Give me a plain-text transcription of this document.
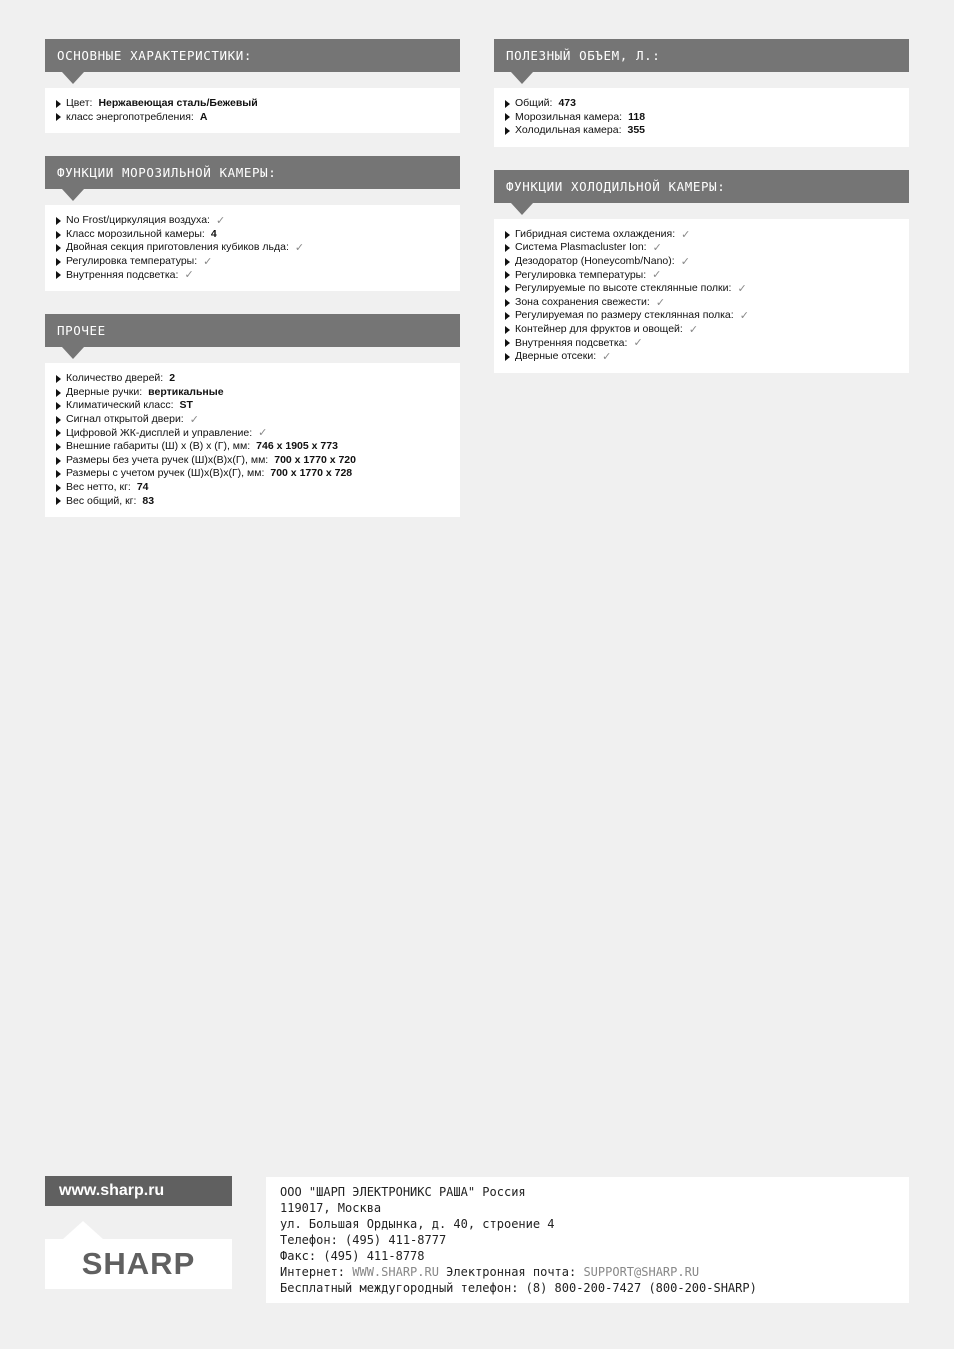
ОСНОВНЫЕ ХАРАКТЕРИСТИКИ:
Цвет: Нержавеющая сталь/Бежевый
класс энергопотребления: A
ФУНКЦИИ МОРОЗИЛЬНОЙ КАМЕРЫ:
No Frost/циркуляция воздуха: ✓
Класс морозильной камеры: 4
Двойная секция приготовления кубиков льда: ✓
Регулировка температуры: ✓
Внутренняя подсветка: ✓
ПРОЧЕЕ
Количество дверей: 2
Дверные ручки: вертикальные
Климатический класс: ST
Сигнал открытой двери: ✓
Цифровой ЖК-дисплей и управление: ✓
Внешние габариты (Ш) х (В) х (Г), мм: 746 x 1905 x 773
Размеры без учета ручек (Ш)х(В)х(Г), мм: 700 x 1770 x 720
Размеры с учетом ручек (Ш)х(В)х(Г), мм: 700 x 1770 x 728
Вес нетто, кг: 74
Вес общий, кг: 83
ПОЛЕЗНЫЙ ОБЪЕМ, Л.:
Общий: 473
Морозильная камера: 118
Холодильная камера: 355
ФУНКЦИИ ХОЛОДИЛЬНОЙ КАМЕРЫ:
Гибридная система охлаждения: ✓
Система Plasmacluster Ion: ✓
Дезодоратор (Honeycomb/Nano): ✓
Регулировка температуры: ✓
Регулируемые по высоте стеклянные полки: ✓
Зона сохранения свежести: ✓
Регулируемая по размеру стеклянная полка: ✓
Контейнер для фруктов и овощей: ✓
Внутренняя подсветка: ✓
Дверные отсеки: ✓
www.sharp.ru
SHARP
ООО "ШАРП ЭЛЕКТРОНИКС РАША" Россия
119017, Москва
ул. Большая Ордынка, д. 40, строение 4
Телефон: (495) 411-8777
Факс: (495) 411-8778
Интернет: WWW.SHARP.RU Электронная почта: SUPPORT@SHARP.RU
Бесплатный междугородный телефон: (8) 800-200-7427 (800-200-SHARP)
